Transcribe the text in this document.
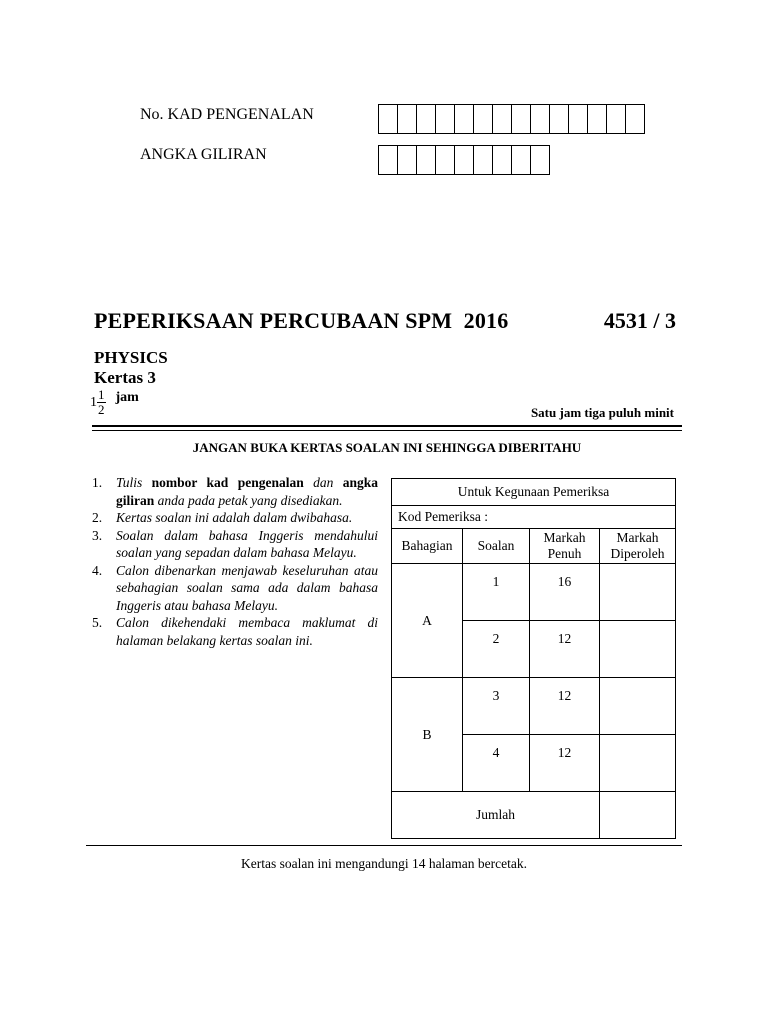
No. KAD PENGENALAN
ANGKA GILIRAN
PEPERIKSAAN PERCUBAAN SPM  2016	4531 / 3
PHYSICS
Kertas 3
$1 \frac{1}{2}$ jam
Satu jam tiga puluh minit
JANGAN BUKA KERTAS SOALAN INI SEHINGGA DIBERITAHU
1.	Tulis nombor kad pengenalan dan angka giliran anda pada petak yang disediakan.
2.	Kertas soalan ini adalah dalam dwibahasa.
3.	Soalan dalam bahasa Inggeris mendahului soalan yang sepadan dalam bahasa Melayu.
4.	Calon dibenarkan menjawab keseluruhan atau sebahagian soalan sama ada dalam bahasa Inggeris atau bahasa Melayu.
5.	Calon dikehendaki membaca maklumat di halaman belakang kertas soalan ini.
Untuk Kegunaan Pemeriksa			
Kod Pemeriksa :			
Bahagian	Soalan	Markah Penuh	Markah Diperoleh
A	1	16	
	2	12	
B	3	12	
	4	12	
Jumlah			
Kertas soalan ini mengandungi 14 halaman bercetak.
